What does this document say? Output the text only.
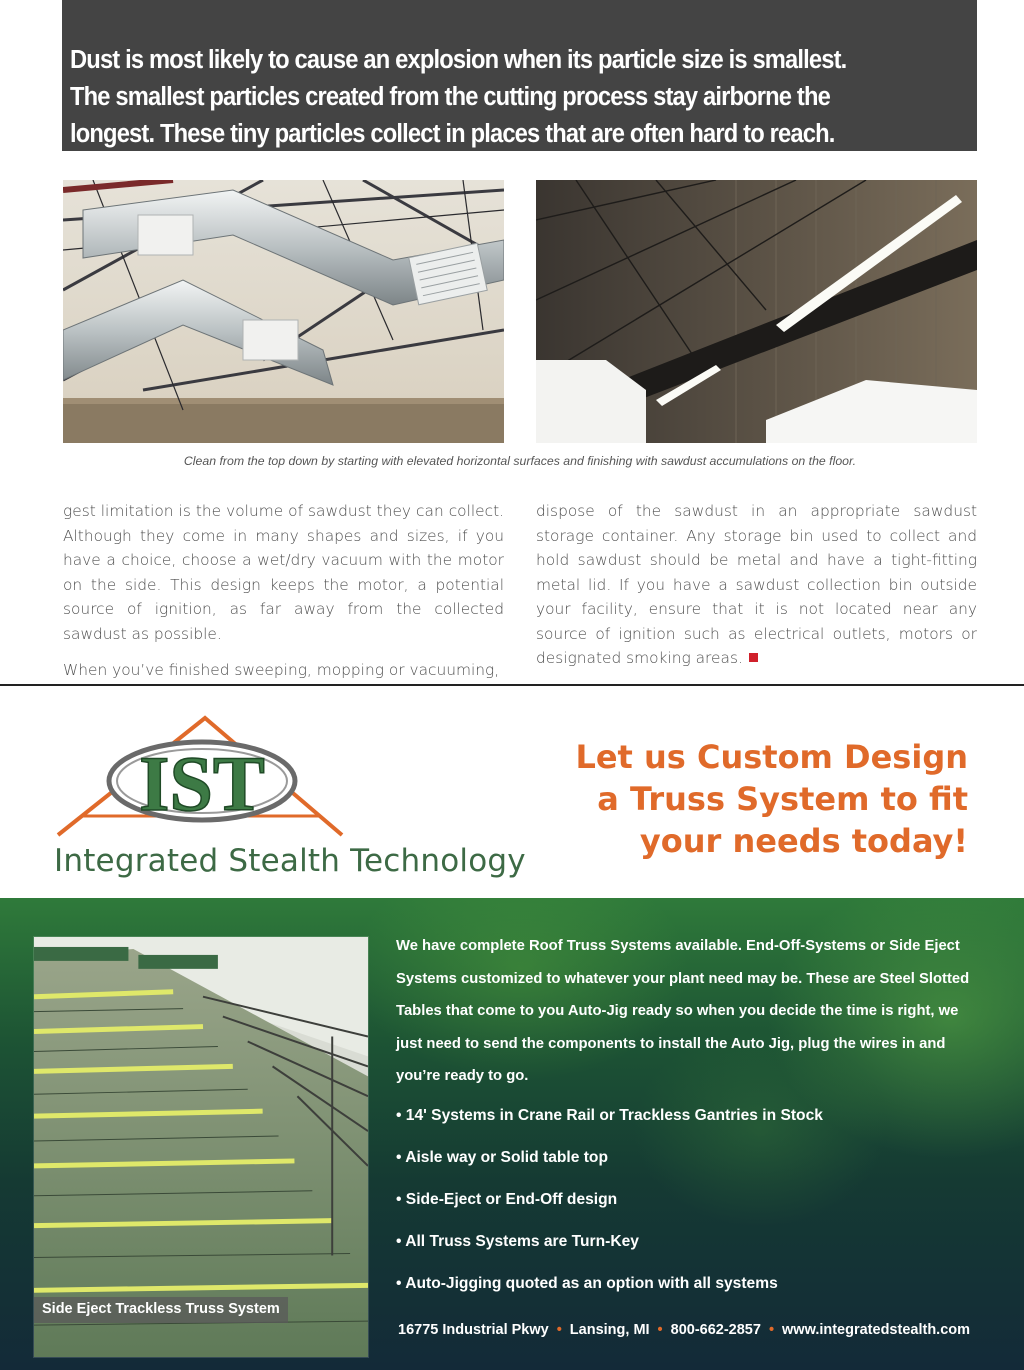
Dust is most likely to cause an explosion when its particle size is smallest.
The smallest particles created from the cutting process stay airborne the
longest. These tiny particles collect in places that are often hard to reach.

Clean from the top down by starting with elevated horizontal surfaces and finishing with sawdust accumulations on the floor.

gest limitation is the volume of sawdust they can collect. Although they come in many shapes and sizes, if you have a choice, choose a wet/dry vacuum with the motor on the side. This design keeps the motor, a potential source of ignition, as far away from the collected sawdust as possible.

When you’ve finished sweeping, mopping or vacuuming,

dispose of the sawdust in an appropriate sawdust storage container. Any storage bin used to collect and hold sawdust should be metal and have a tight-fitting metal lid. If you have a sawdust collection bin outside your facility, ensure that it is not located near any source of ignition such as electrical outlets, motors or designated smoking areas.

IST
Integrated Stealth Technology
Let us Custom Design
a Truss System to fit
your needs today!
Side Eject Trackless Truss System
We have complete Roof Truss Systems available. End-Off-Systems or Side Eject Systems customized to whatever your plant need may be. These are Steel Slotted Tables that come to you Auto-Jig ready so when you decide the time is right, we just need to send the components to install the Auto Jig, plug the wires in and you’re ready to go.
• 14' Systems in Crane Rail or Trackless Gantries in Stock
• Aisle way or Solid table top
• Side-Eject or End-Off design
• All Truss Systems are Turn-Key
• Auto-Jigging quoted as an option with all systems
16775 Industrial Pkwy • Lansing, MI • 800-662-2857 • www.integratedstealth.com
